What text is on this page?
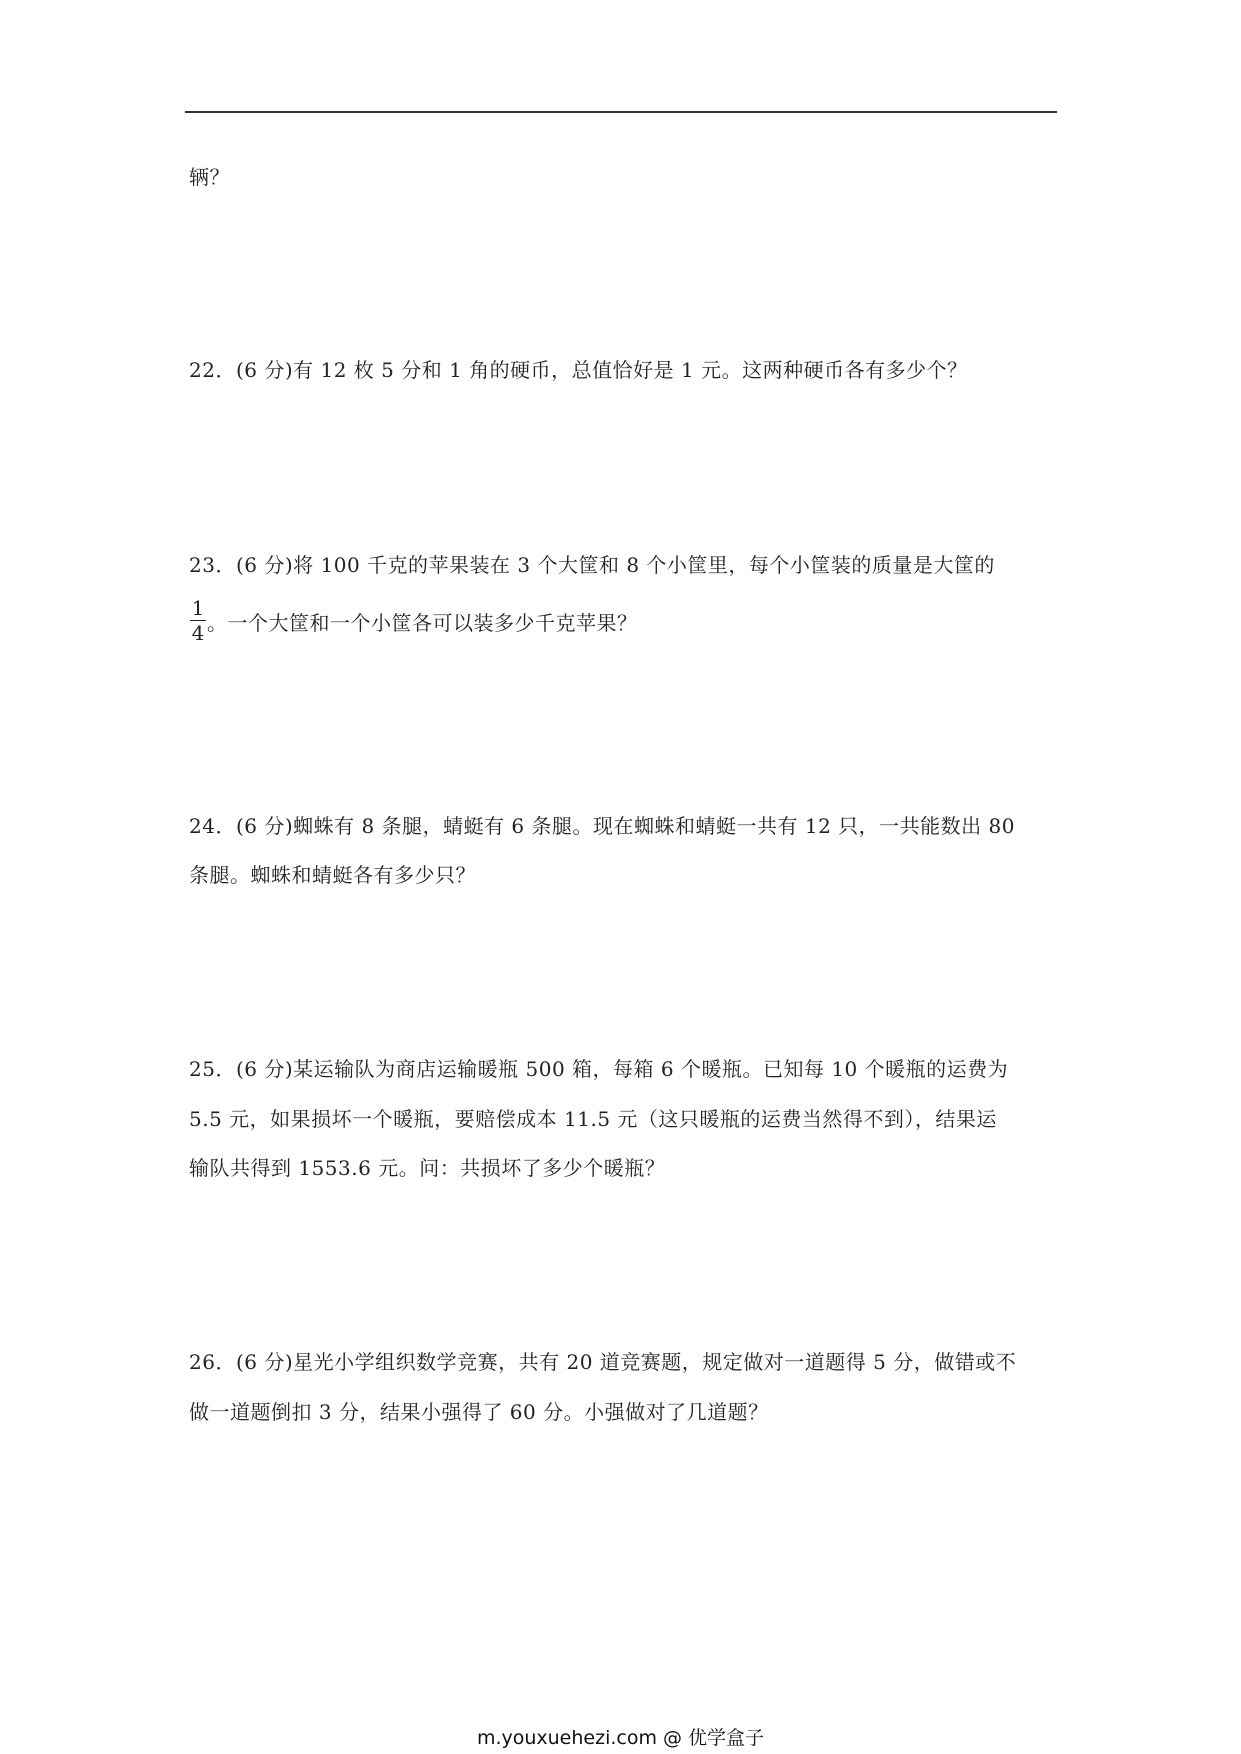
辆？
22．(6 分)有 12 枚 5 分和 1 角的硬币，总值恰好是 1 元。这两种硬币各有多少个？
23．(6 分)将 100 千克的苹果装在 3 个大筐和 8 个小筐里，每个小筐装的质量是大筐的
1
4 。一个大筐和一个小筐各可以装多少千克苹果？
24．(6 分)蜘蛛有 8 条腿，蜻蜓有 6 条腿。现在蜘蛛和蜻蜓一共有 12 只，一共能数出 80
条腿。蜘蛛和蜻蜓各有多少只？
25．(6 分)某运输队为商店运输暖瓶 500 箱，每箱 6 个暖瓶。已知每 10 个暖瓶的运费为
5.5 元，如果损坏一个暖瓶，要赔偿成本 11.5 元（这只暖瓶的运费当然得不到），结果运
输队共得到 1553.6 元。问：共损坏了多少个暖瓶？
26．(6 分)星光小学组织数学竞赛，共有 20 道竞赛题，规定做对一道题得 5 分，做错或不
做一道题倒扣 3 分，结果小强得了 60 分。小强做对了几道题？
m.youxuehezi.com @ 优学盒子
